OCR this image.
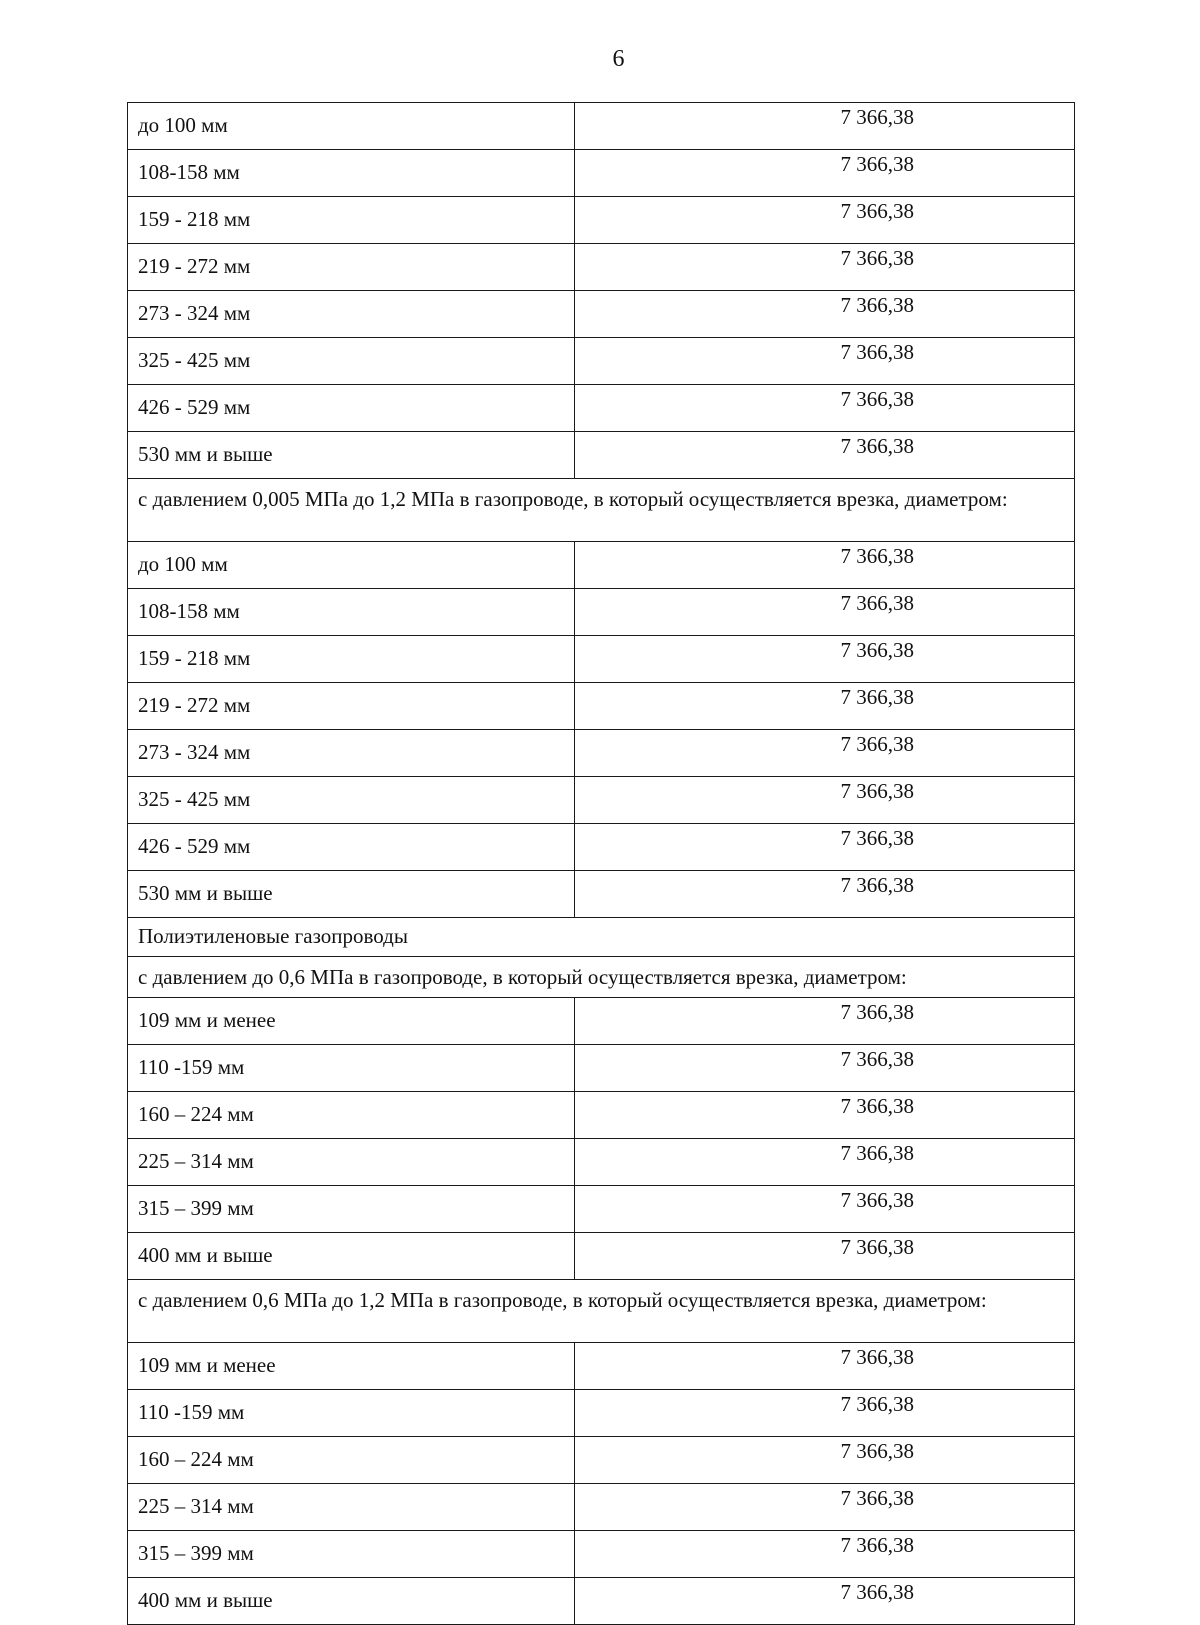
6
до 100 мм	7 366,38
108-158 мм	7 366,38
159 - 218 мм	7 366,38
219 - 272 мм	7 366,38
273 - 324 мм	7 366,38
325 - 425 мм	7 366,38
426 - 529 мм	7 366,38
530 мм и выше	7 366,38
с давлением 0,005 МПа до 1,2 МПа в газопроводе, в который осуществляется врезка, диаметром:	
до 100 мм	7 366,38
108-158 мм	7 366,38
159 - 218 мм	7 366,38
219 - 272 мм	7 366,38
273 - 324 мм	7 366,38
325 - 425 мм	7 366,38
426 - 529 мм	7 366,38
530 мм и выше	7 366,38
Полиэтиленовые газопроводы	
с давлением до 0,6 МПа в газопроводе, в который осуществляется врезка, диаметром:	
109 мм и менее	7 366,38
110 -159 мм	7 366,38
160 – 224 мм	7 366,38
225 – 314 мм	7 366,38
315 – 399 мм	7 366,38
400 мм и выше	7 366,38
с давлением 0,6 МПа до 1,2 МПа в газопроводе, в который осуществляется врезка, диаметром:	
109 мм и менее	7 366,38
110 -159 мм	7 366,38
160 – 224 мм	7 366,38
225 – 314 мм	7 366,38
315 – 399 мм	7 366,38
400 мм и выше	7 366,38
